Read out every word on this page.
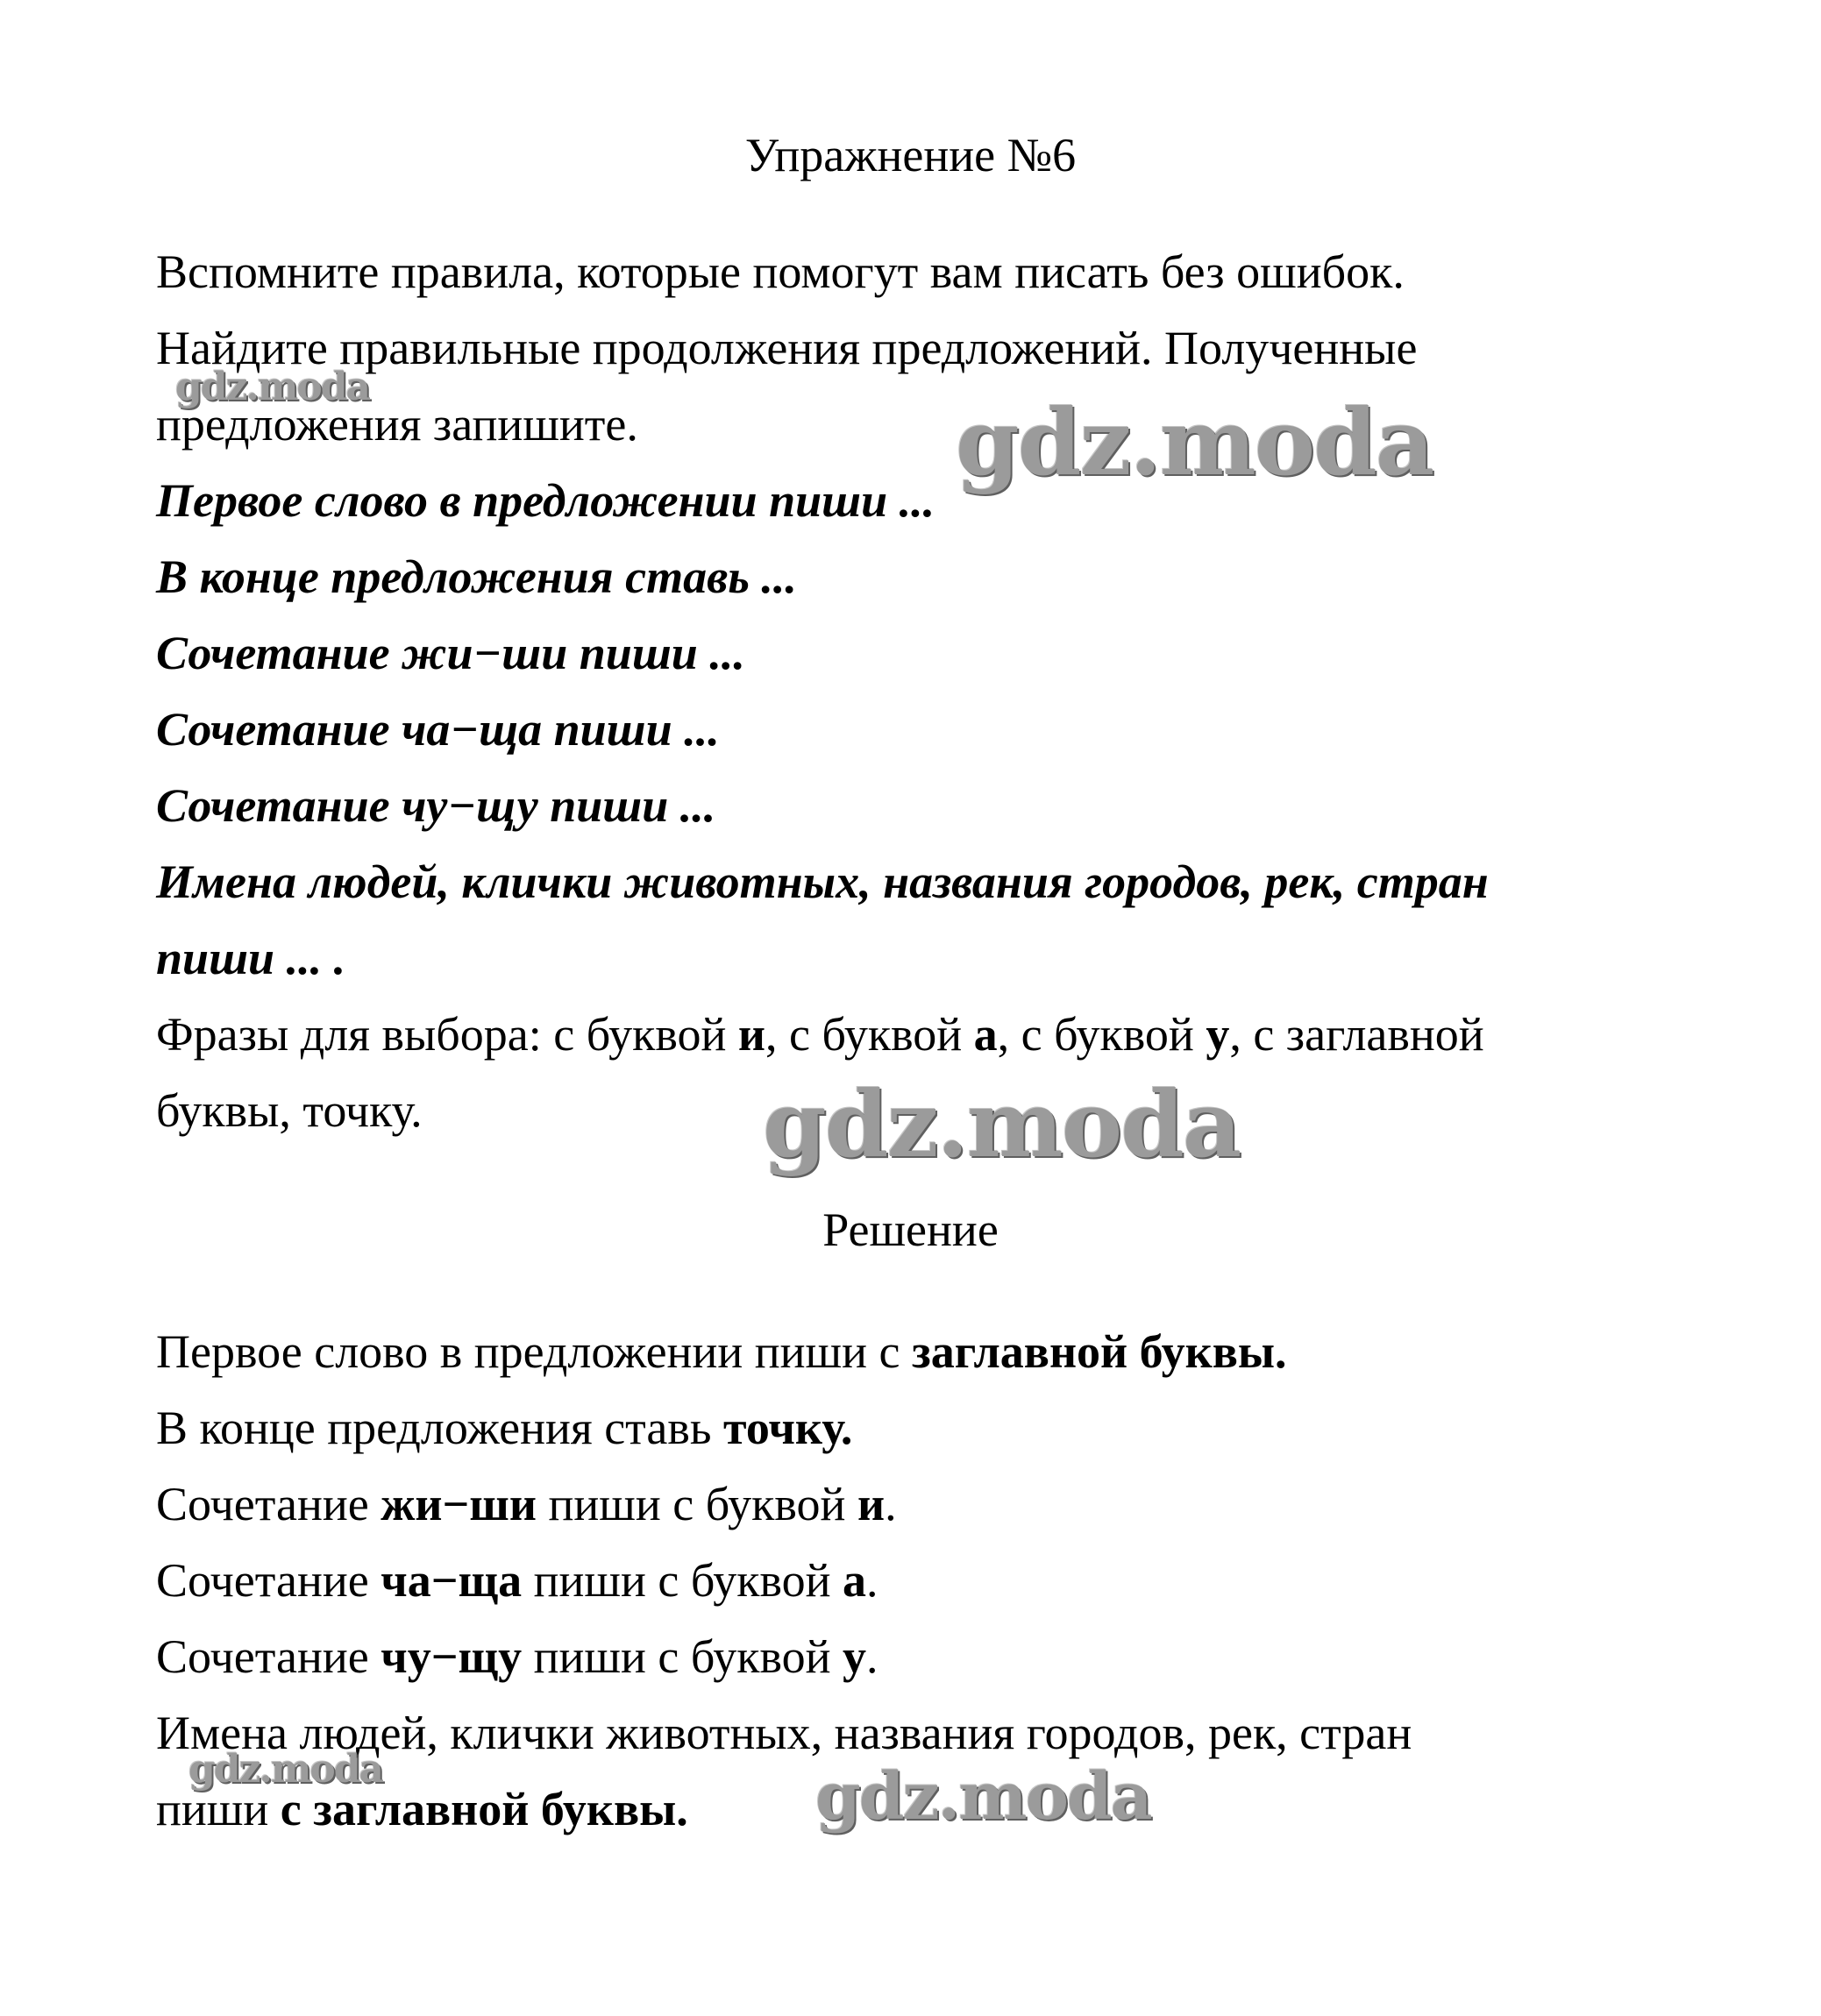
Упражнение №6
Вспомните правила, которые помогут вам писать без ошибок.
Найдите правильные продолжения предложений. Полученные
предложения запишите.
Первое слово в предложении пиши ...
В конце предложения ставь ...
Сочетание жи−ши пиши ...
Сочетание ча−ща пиши ...
Сочетание чу−щу пиши ...
Имена людей, клички животных, названия городов, рек, стран
пиши ... .
Фразы для выбора: с буквой и, с буквой а, с буквой у, с заглавной
буквы, точку.
Решение
Первое слово в предложении пиши с заглавной буквы.
В конце предложения ставь точку.
Сочетание жи−ши пиши с буквой и.
Сочетание ча−ща пиши с буквой а.
Сочетание чу−щу пиши с буквой у.
Имена людей, клички животных, названия городов, рек, стран
пиши с заглавной буквы.
gdz.moda
gdz.moda
gdz.moda
gdz.moda	gdz.moda
